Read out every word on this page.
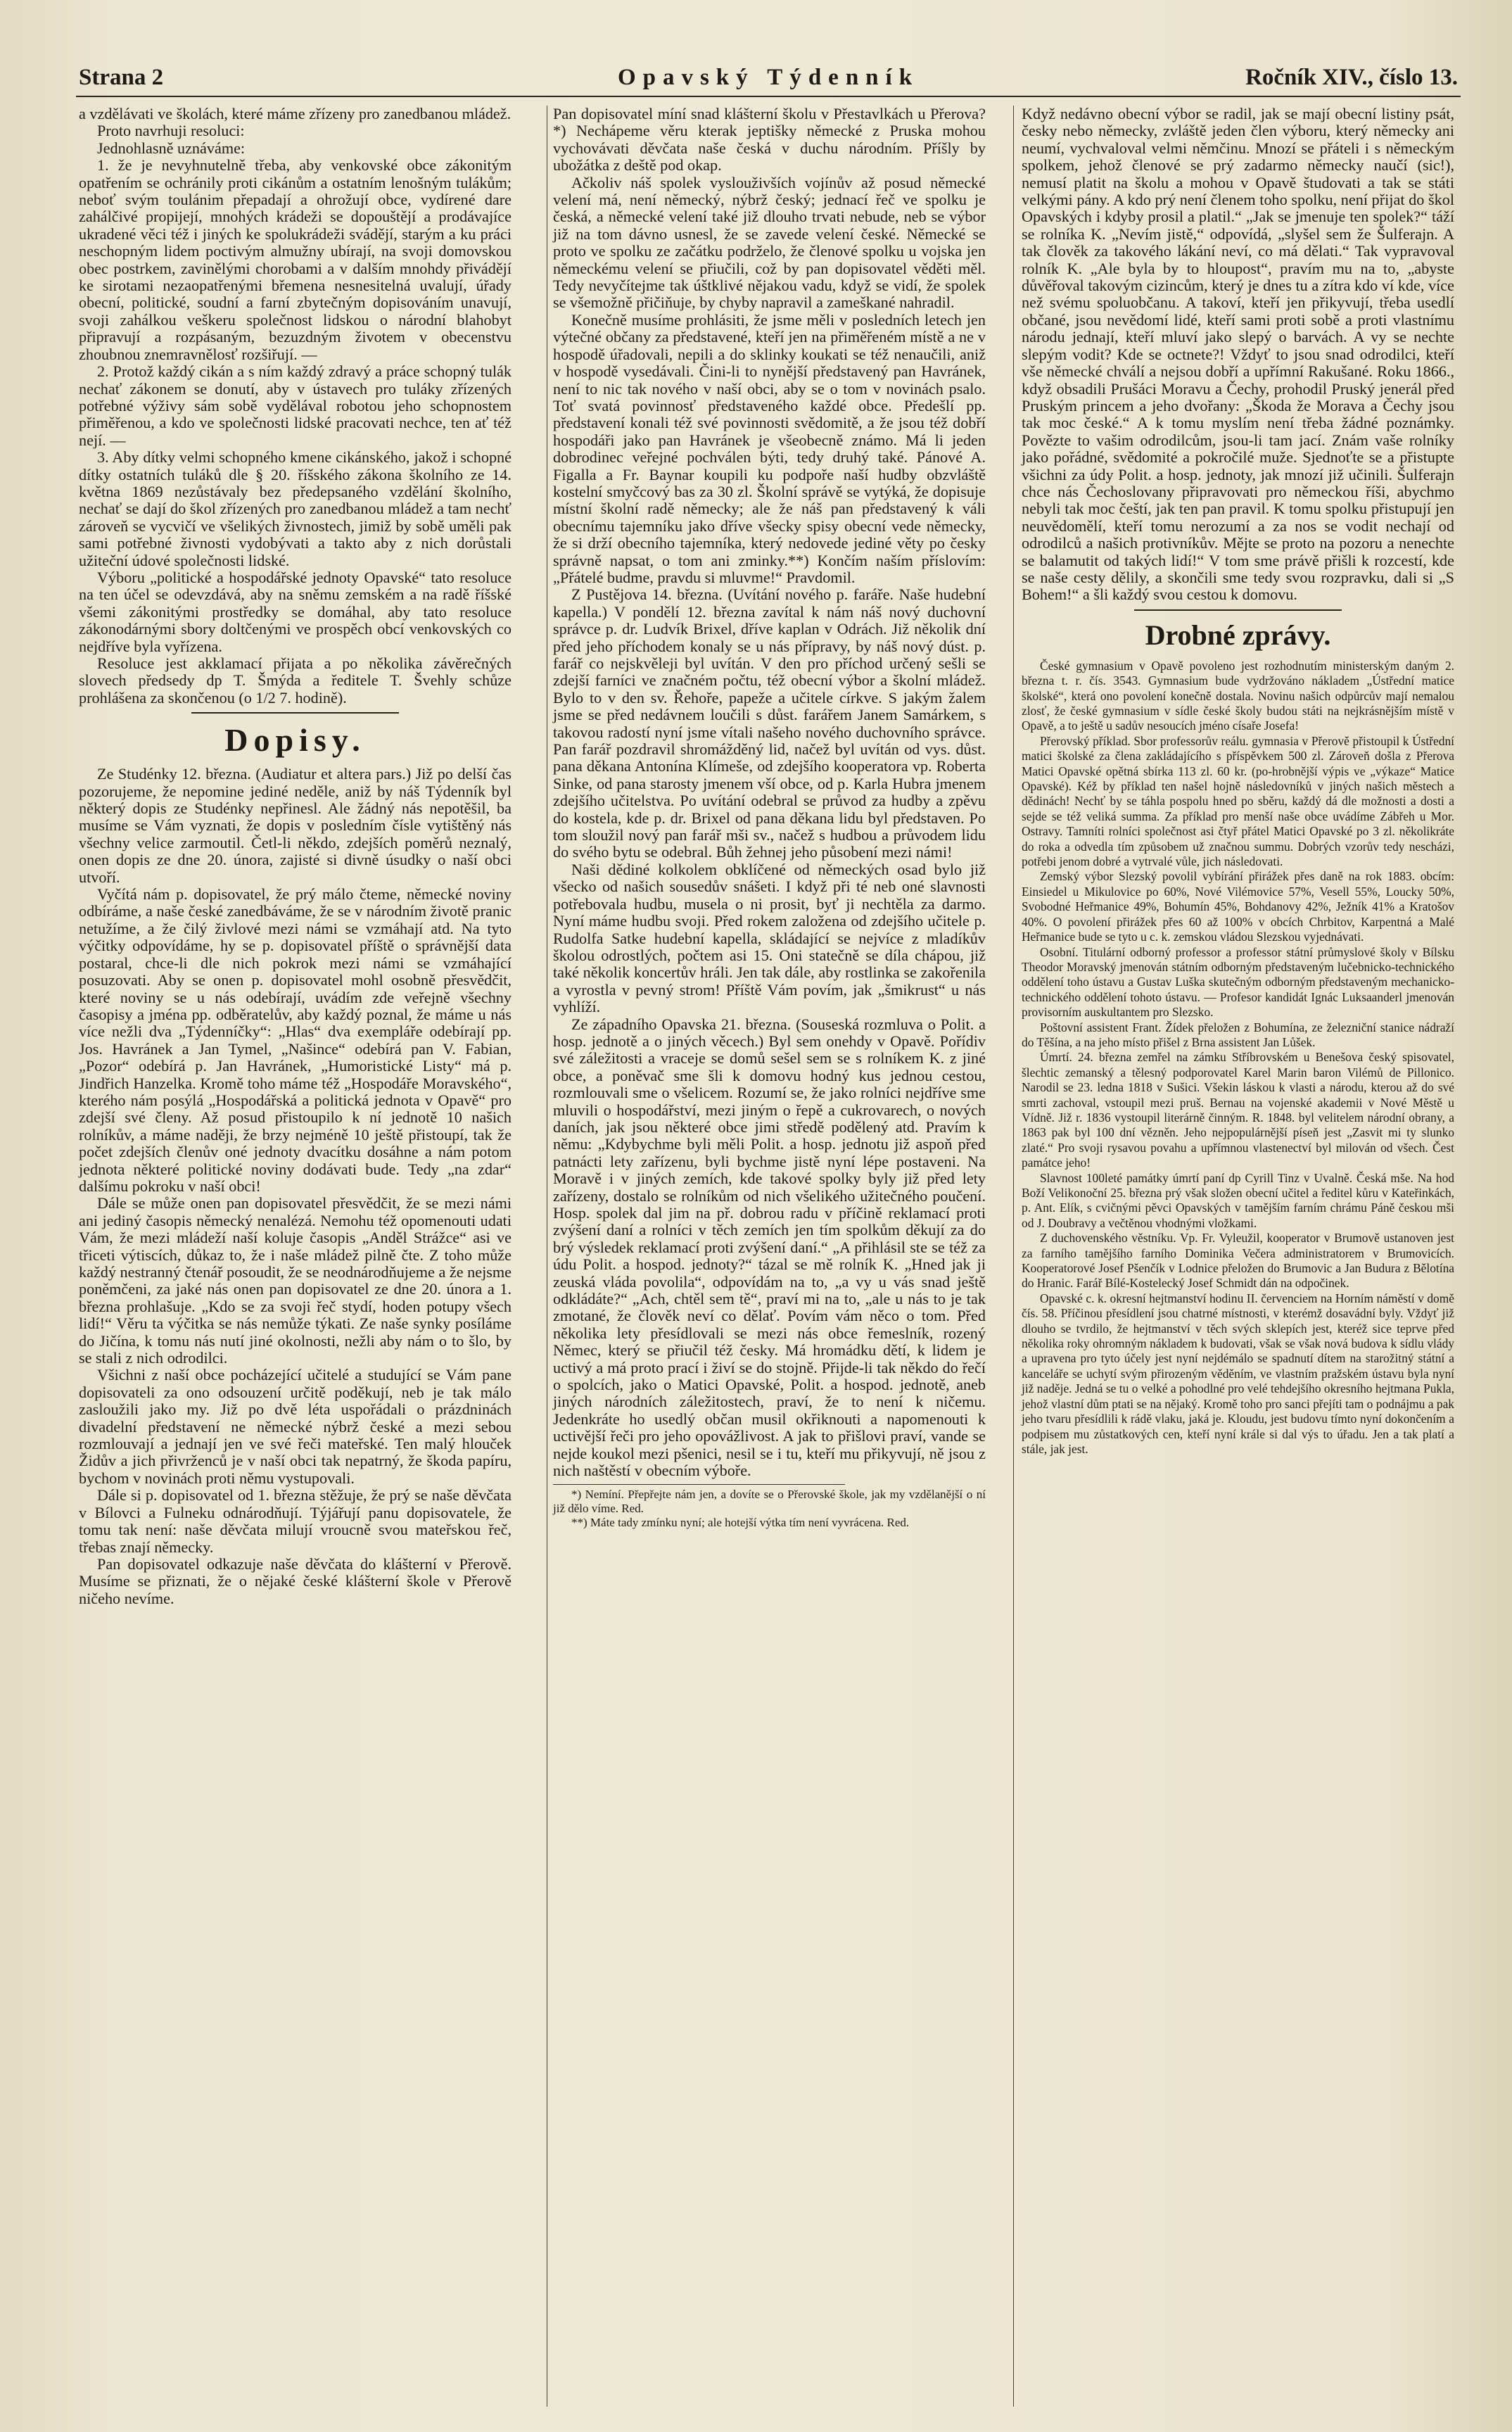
Strana 2	Opavský Týdenník	Ročník XIV., číslo 13.

a vzdělávati ve školách, které máme zřízeny pro zanedbanou mládež.

Proto navrhuji resoluci:

Jednohlasně uznáváme:

1. že je nevyhnutelně třeba, aby venkovské obce zákonitým opatřením se ochránily proti cikánům a ostatním lenošným tulákům; neboť svým toulánim přepadají a ohrožují obce, vydírené dare zahálčivé propijejí, mnohých krádeži se dopouštějí a prodávajíce ukradené věci též i jiných ke spolukrádeži svádějí, starým a ku práci neschopným lidem poctivým almužny ubírají, na svoji domovskou obec postrkem, zavinělými chorobami a v dalším mnohdy přivádějí ke sirotami nezaopatřenými břemena nesnesitelná uvalují, úřady obecní, politické, soudní a farní zbytečným dopisováním unavují, svoji zahálkou veškeru společnost lidskou o národní blahobyt připravují a rozpásaným, bezuzdným životem v obecenstvu zhoubnou znemravnělosť rozšiřují. —

2. Protož každý cikán a s ním každý zdravý a práce schopný tulák nechať zákonem se donutí, aby v ústavech pro tuláky zřízených potřebné výživy sám sobě vydělával robotou jeho schopnostem přiměřenou, a kdo ve společnosti lidské pracovati nechce, ten ať též nejí. —

3. Aby dítky velmi schopného kmene cikánského, jakož i schopné dítky ostatních tuláků dle § 20. říšského zákona školního ze 14. května 1869 nezůstávaly bez předepsaného vzdělání školního, nechať se dají do škol zřízených pro zanedbanou mládež a tam nechť zároveň se vycvičí ve všelikých živnostech, jimiž by sobě uměli pak sami potřebné živnosti vydobývati a takto aby z nich dorůstali užiteční údové společnosti lidské.

Výboru „politické a hospodářské jednoty Opavské“ tato resoluce na ten účel se odevzdává, aby na sněmu zemském a na radě říšské všemi zákonitými prostředky se domáhal, aby tato resoluce zákonodárnými sbory doltčenými ve prospěch obcí venkovských co nejdříve byla vyřízena.

Resoluce jest akklamací přijata a po několika závěrečných slovech předsedy dp T. Šmýda a ředitele T. Švehly schůze prohlášena za skončenou (o 1/2 7. hodině).

Dopisy.

Ze Studénky 12. března. (Audiatur et altera pars.) Již po delší čas pozorujeme, že nepomine jediné neděle, aniž by náš Týdenník byl některý dopis ze Studénky nepřinesl. Ale žádný nás nepotěšil, ba musíme se Vám vyznati, že dopis v posledním čísle vytištěný nás všechny velice zarmoutil. Četl-li někdo, zdejších poměrů neznalý, onen dopis ze dne 20. února, zajisté si divně úsudky o naší obci utvoří.

Vyčítá nám p. dopisovatel, že prý málo čteme, německé noviny odbíráme, a naše české zanedbáváme, že se v národním životě pranic netužíme, a že čilý živlové mezi námi se vzmáhají atd. Na tyto výčitky odpovídáme, hy se p. dopisovatel příště o správnější data postaral, chce-li dle nich pokrok mezi námi se vzmáhající posuzovati. Aby se onen p. dopisovatel mohl osobně přesvědčit, které noviny se u nás odebírají, uvádím zde veřejně všechny časopisy a jména pp. odběratelův, aby každý poznal, že máme u nás více nežli dva „Týdenníčky“: „Hlas“ dva exempláře odebírají pp. Jos. Havránek a Jan Tymel, „Našince“ odebírá pan V. Fabian, „Pozor“ odebírá p. Jan Havránek, „Humoristické Listy“ má p. Jindřich Hanzelka. Kromě toho máme též „Hospodáře Moravského“, kterého nám posýlá „Hospodářská a politická jednota v Opavě“ pro zdejší své členy. Až posud přistoupilo k ní jednotě 10 našich rolníkův, a máme naději, že brzy nejméně 10 ještě přistoupí, tak že počet zdejších členův oné jednoty dvacítku dosáhne a nám potom jednota některé politické noviny dodávati bude. Tedy „na zdar“ dalšímu pokroku v naší obci!

Dále se může onen pan dopisovatel přesvědčit, že se mezi námi ani jediný časopis německý nenalézá. Nemohu též opomenouti udati Vám, že mezi mládeží naší koluje časopis „Anděl Strážce“ asi ve třiceti výtiscích, důkaz to, že i naše mládež pilně čte. Z toho může každý nestranný čtenář posoudit, že se neodnárodňujeme a že nejsme poněmčeni, za jaké nás onen pan dopisovatel ze dne 20. února a 1. března prohlašuje. „Kdo se za svoji řeč stydí, hoden potupy všech lidí!“ Věru ta výčitka se nás nemůže týkati. Ze naše synky posíláme do Jičína, k tomu nás nutí jiné okolnosti, nežli aby nám o to šlo, by se stali z nich odrodilci.

Všichni z naší obce pocházející učitelé a studující se Vám pane dopisovateli za ono odsouzení určitě poděkují, neb je tak málo zasloužili jako my. Již po dvě léta uspořádali o prázdninách divadelní představení ne německé nýbrž české a mezi sebou rozmlouvají a jednají jen ve své řeči mateřské. Ten malý hlouček Židův a jich přivrženců je v naší obci tak nepatrný, že škoda papíru, bychom v novinách proti němu vystupovali.

Dále si p. dopisovatel od 1. března stěžuje, že prý se naše děvčata v Bílovci a Fulneku odnárodňují. Týjářují panu dopisovatele, že tomu tak není: naše děvčata milují vroucně svou mateřskou řeč, třebas znají německy.

Pan dopisovatel odkazuje naše děvčata do klášterní v Přerově. Musíme se přiznati, že o nějaké české klášterní škole v Přerově ničeho nevíme.

Pan dopisovatel míní snad klášterní školu v Přestavlkách u Přerova?*) Nechápeme věru kterak jeptišky německé z Pruska mohou vychovávati děvčata naše česká v duchu národním. Příšly by ubožátka z deště pod okap.

Ačkoliv náš spolek vyslouživších vojínův až posud německé velení má, není německý, nýbrž český; jednací řeč ve spolku je česká, a německé velení také již dlouho trvati nebude, neb se výbor již na tom dávno usnesl, že se zavede velení české. Německé se proto ve spolku ze začátku podrželo, že členové spolku u vojska jen německému velení se přiučili, což by pan dopisovatel věděti měl. Tedy nevyčítejme tak úštklivé nějakou vadu, když se vidí, že spolek se všemožně přičiňuje, by chyby napravil a zameškané nahradil.

Konečně musíme prohlásiti, že jsme měli v posledních letech jen výtečné občany za představené, kteří jen na přiměřeném místě a ne v hospodě úřadovali, nepili a do sklinky koukati se též nenaučili, aniž v hospodě vysedávali. Čini-li to nynější představený pan Havránek, není to nic tak nového v naší obci, aby se o tom v novinách psalo. Toť svatá povinnosť představeného každé obce. Předešlí pp. představení konali též své povinnosti svědomitě, a že jsou též dobří hospodáři jako pan Havránek je všeobecně známo. Má li jeden dobrodinec veřejné pochválen býti, tedy druhý také. Pánové A. Figalla a Fr. Baynar koupili ku podpoře naší hudby obzvláště kostelní smyčcový bas za 30 zl. Školní správě se vytýká, že dopisuje místní školní radě německy; ale že náš pan představený k váli obecnímu tajemníku jako dříve všecky spisy obecní vede německy, že si drží obecního tajemníka, který nedovede jediné věty po česky správně napsat, o tom ani zminky.**) Končím naším příslovím: „Přátelé budme, pravdu si mluvme!“ Pravdomil.

Z Pustějova 14. března. (Uvítání nového p. faráře. Naše hudební kapella.) V pondělí 12. března zavítal k nám náš nový duchovní správce p. dr. Ludvík Brixel, dříve kaplan v Odrách. Již několik dní před jeho příchodem konaly se u nás přípravy, by náš nový dúst. p. farář co nejskvěleji byl uvítán. V den pro příchod určený sešli se zdejší farníci ve značném počtu, též obecní výbor a školní mládež. Bylo to v den sv. Řehoře, papeže a učitele církve. S jakým žalem jsme se před nedávnem loučili s důst. farářem Janem Samárkem, s takovou radostí nyní jsme vítali našeho nového duchovního správce. Pan farář pozdravil shromážděný lid, načež byl uvítán od vys. důst. pana děkana Antonína Klímeše, od zdejšího kooperatora vp. Roberta Sinke, od pana starosty jmenem vší obce, od p. Karla Hubra jmenem zdejšího učitelstva. Po uvítání odebral se průvod za hudby a zpěvu do kostela, kde p. dr. Brixel od pana děkana lidu byl představen. Po tom sloužil nový pan farář mši sv., načež s hudbou a průvodem lidu do svého bytu se odebral. Bůh žehnej jeho působení mezi námi!

Naši dědiné kolkolem obklíčené od německých osad bylo již všecko od našich sousedův snášeti. I když při té neb oné slavnosti potřebovala hudbu, musela o ni prosit, byť ji nechtěla za darmo. Nyní máme hudbu svoji. Před rokem založena od zdejšího učitele p. Rudolfa Satke hudební kapella, skládající se nejvíce z mladíkův školou odrostlých, počtem asi 15. Oni statečně se díla chápou, již také několik koncertův hráli. Jen tak dále, aby rostlinka se zakořenila a vyrostla v pevný strom! Příště Vám povím, jak „šmikrust“ u nás vyhlíží.

Ze západního Opavska 21. března. (Souseská rozmluva o Polit. a hosp. jednotě a o jiných věcech.) Byl sem onehdy v Opavě. Pořídiv své záležitosti a vraceje se domů sešel sem se s rolníkem K. z jiné obce, a poněvač sme šli k domovu hodný kus jednou cestou, rozmlouvali sme o všelicem. Rozumí se, že jako rolníci nejdříve sme mluvili o hospodářství, mezi jiným o řepě a cukrovarech, o nových daních, jak jsou některé obce jimi středě podělený atd. Pravím k němu: „Kdybychme byli měli Polit. a hosp. jednotu již aspoň před patnácti lety zařízenu, byli bychme jistě nyní lépe postaveni. Na Moravě i v jiných zemích, kde takové spolky byly již před lety zařízeny, dostalo se rolníkům od nich všelikého užitečného poučení. Hosp. spolek dal jim na př. dobrou radu v příčině reklamací proti zvýšení daní a rolníci v těch zemích jen tím spolkům děkují za do brý výsledek reklamací proti zvýšení daní.“ „A přihlásil ste se též za údu Polit. a hospod. jednoty?“ tázal se mě rolník K. „Hned jak ji zeuská vláda povolila“, odpovídám na to, „a vy u vás snad ještě odkládáte?“ „Ach, chtěl sem tě“, praví mi na to, „ale u nás to je tak zmotané, že člověk neví co dělať. Povím vám něco o tom. Před několika lety přesídlovali se mezi nás obce řemeslník, rozený Němec, který se přiučil též česky. Má hromádku dětí, k lidem je uctivý a má proto prací i živí se do stojně. Přijde-li tak někdo do řečí o spolcích, jako o Matici Opavské, Polit. a hospod. jednotě, aneb jiných národních záležitostech, praví, že to není k ničemu. Jedenkráte ho usedlý občan musil okřiknouti a napomenouti k uctivější řeči pro jeho opovážlivost. A jak to přišlovi praví, vande se nejde koukol mezi pšenici, nesil se i tu, kteří mu přikyvují, ně jsou z nich naštěstí v obecním výboře.

*) Nemíní. Přepřejte nám jen, a dovíte se o Přerovské škole, jak my vzdělanější o ní již dělo víme. Red.

**) Máte tady zmínku nyní; ale hotejší výtka tím není vyvrácena. Red.

Když nedávno obecní výbor se radil, jak se mají obecní listiny psát, česky nebo německy, zvláště jeden člen výboru, který německy ani neumí, vychvaloval velmi němčinu. Mnozí se přáteli i s německým spolkem, jehož členové se prý zadarmo německy naučí (sic!), nemusí platit na školu a mohou v Opavě študovati a tak se státi velkými pány. A kdo prý není členem toho spolku, není přijat do škol Opavských i kdyby prosil a platil.“ „Jak se jmenuje ten spolek?“ táží se rolníka K. „Nevím jistě,“ odpovídá, „slyšel sem že Šulferajn. A tak člověk za takového lákání neví, co má dělati.“ Tak vypravoval rolník K. „Ale byla by to hloupost“, pravím mu na to, „abyste důvěřoval takovým cizincům, který je dnes tu a zítra kdo ví kde, více než svému spoluobčanu. A takoví, kteří jen přikyvují, třeba usedlí občané, jsou nevědomí lidé, kteří sami proti sobě a proti vlastnímu národu jednají, kteří mluví jako slepý o barvách. A vy se nechte slepým vodit? Kde se octnete?! Vždyť to jsou snad odrodilci, kteří vše německé chválí a nejsou dobří a upřímní Rakušané. Roku 1866., když obsadili Prušáci Moravu a Čechy, prohodil Pruský jenerál před Pruským princem a jeho dvořany: „Škoda že Morava a Čechy jsou tak moc české.“ A k tomu myslím není třeba žádné poznámky. Povězte to vašim odrodilcům, jsou-li tam jací. Znám vaše rolníky jako pořádné, svědomité a pokročilé muže. Sjednoťte se a přistupte všichni za údy Polit. a hosp. jednoty, jak mnozí již učinili. Šulferajn chce nás Čechoslovany připravovati pro německou říši, abychmo nebyli tak moc čeští, jak ten pan pravil. K tomu spolku přistupují jen neuvědomělí, kteří tomu nerozumí a za nos se vodit nechají od odrodilců a našich protivníkův. Mějte se proto na pozoru a nenechte se balamutit od takých lidí!“ V tom sme právě přišli k rozcestí, kde se naše cesty dělily, a skončili sme tedy svou rozpravku, dali si „S Bohem!“ a šli každý svou cestou k domovu.

Drobné zprávy.

České gymnasium v Opavě povoleno jest rozhodnutím ministerským daným 2. března t. r. čís. 3543. Gymnasium bude vydržováno nákladem „Ústřední matice školské“, která ono povolení konečně dostala. Novinu našich odpůrcův mají nemalou zlosť, že české gymnasium v sídle české školy budou státi na nejkrásnějším místě v Opavě, a to ještě u sadův nesoucích jméno císaře Josefa!

Přerovský příklad. Sbor professorův reálu. gymnasia v Přerově přistoupil k Ústřední matici školské za člena zakládajícího s příspěvkem 500 zl. Zároveň došla z Přerova Matici Opavské opětná sbírka 113 zl. 60 kr. (po-hrobnější výpis ve „výkaze“ Matice Opavské). Kéž by příklad ten našel hojně následovníků v jiných našich městech a dědinách! Nechť by se táhla pospolu hned po sběru, každý dá dle možnosti a dosti a sejde se též veliká summa. Za příklad pro menší naše obce uvádíme Zábřeh u Mor. Ostravy. Tamníti rolníci společnost asi čtyř přátel Matici Opavské po 3 zl. několikráte do roka a odvedla tím způsobem už značnou summu. Dobrých vzorův tedy nescházi, potřebi jenom dobré a vytrvalé vůle, jich následovati.

Zemský výbor Slezský povolil vybírání přirážek přes daně na rok 1883. obcím: Einsiedel u Mikulovice po 60%, Nové Vilémovice 57%, Vesell 55%, Loucky 50%, Svobodné Heřmanice 49%, Bohumín 45%, Bohdanovy 42%, Ježník 41% a Kratošov 40%. O povolení přirážek přes 60 až 100% v obcích Chrbitov, Karpentná a Malé Heřmanice bude se tyto u c. k. zemskou vládou Slezskou vyjednávati.

Osobní. Titulární odborný professor a professor státní průmyslové školy v Bílsku Theodor Moravský jmenován státním odborným představeným lučebnicko-technického oddělení toho ústavu a Gustav Luška skutečným odborným představeným mechanicko-technického oddělení tohoto ústavu. — Profesor kandidát Ignác Luksaanderl jmenován provisorním auskultantem pro Slezsko.

Poštovní assistent Frant. Žídek přeložen z Bohumína, ze železniční stanice nádraží do Těšína, a na jeho místo přišel z Brna assistent Jan Lůšek.

Úmrtí. 24. března zemřel na zámku Stříbrovském u Benešova český spisovatel, šlechtic zemanský a tělesný podporovatel Karel Marin baron Vilémů de Pillonico. Narodil se 23. ledna 1818 v Sušici. Všekin láskou k vlasti a národu, kterou až do své smrti zachoval, vstoupil mezi pruš. Bernau na vojenské akademii v Nové Městě u Vídně. Již r. 1836 vystoupil literárně činným. R. 1848. byl velitelem národní obrany, a 1863 pak byl 100 dní vězněn. Jeho nejpopulárnější píseň jest „Zasvit mi ty slunko zlaté.“ Pro svoji rysavou povahu a upřímnou vlastenectví byl milován od všech. Čest památce jeho!

Slavnost 100leté památky úmrtí paní dp Cyrill Tinz v Uvalně. Česká mše. Na hod Boží Velikonoční 25. března prý však složen obecní učitel a ředitel kůru v Kateřinkách, p. Ant. Elík, s cvičnými pěvci Opavských v tamějším farním chrámu Páně českou mši od J. Doubravy a večtěnou vhodnými vložkami.

Z duchovenského věstníku. Vp. Fr. Vyleužil, kooperator v Brumově ustanoven jest za farního tamějšího farního Dominika Večera administratorem v Brumovicích. Kooperatorové Josef Pšenčík v Lodnice přeložen do Brumovic a Jan Budura z Bělotína do Hranic. Farář Bílé-Kostelecký Josef Schmidt dán na odpočinek.

Opavské c. k. okresní hejtmanství hodinu II. červenciem na Horním náměstí v domě čís. 58. Příčinou přesídlení jsou chatrné místnosti, v kterémž dosavádní byly. Vždyť již dlouho se tvrdilo, že hejtmanství v těch svých sklepích jest, kteréž sice teprve před několika roky ohromným nákladem k budovati, však se však nová budova k sídlu vlády a upravena pro tyto účely jest nyní nejdémálo se spadnutí dítem na starožitný státní a kanceláře se uchytí svým přirozeným věděním, ve vlastním pražském ústavu byla nyní již naděje. Jedná se tu o velké a pohodlné pro velé tehdejšího okresního hejtmana Pukla, jehož vlastní dům ptati se na nějaký. Kromě toho pro sanci přejíti tam o podnájmu a pak jeho tvaru přesídlili k rádě vlaku, jaká je. Kloudu, jest budovu tímto nyní dokončením a podpisem mu zůstatkových cen, kteří nyní krále si dal výs to úřadu. Jen a tak platí a stále, jak jest.
